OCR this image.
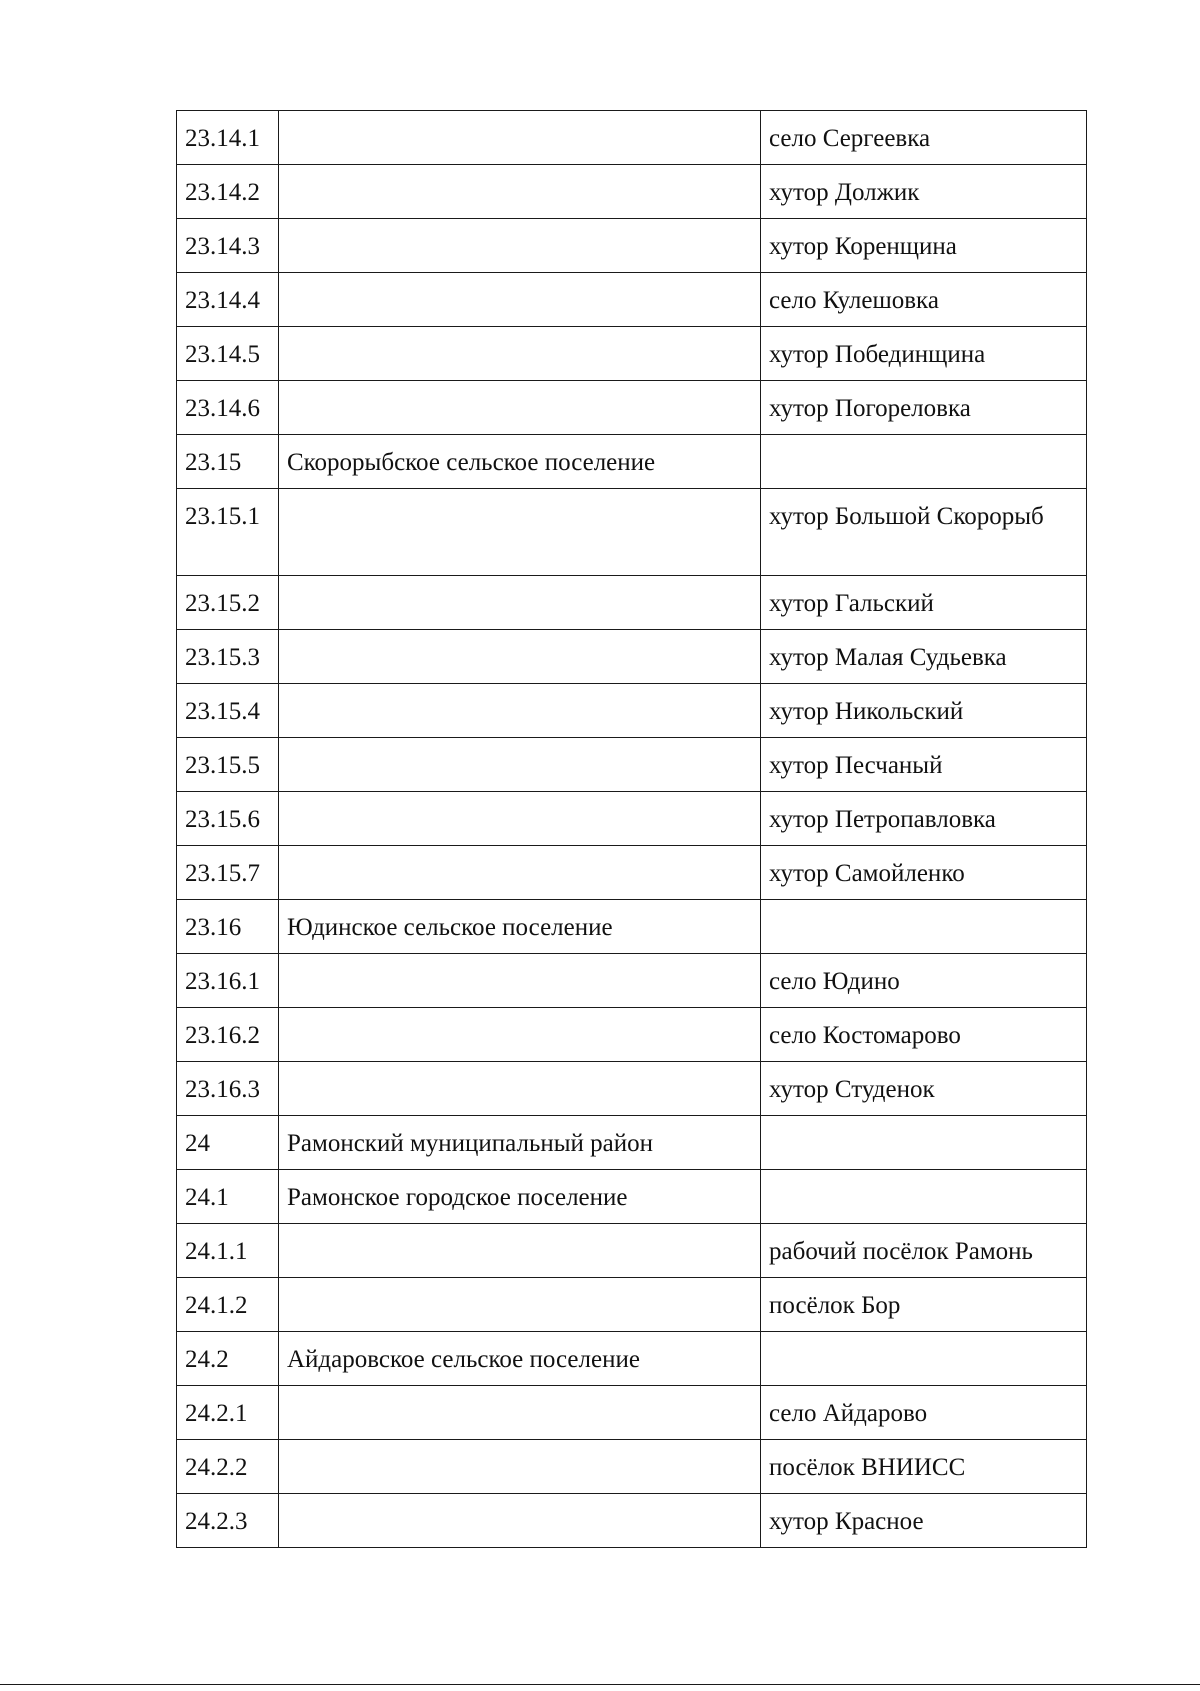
23.14.1		село Сергеевка
23.14.2		хутор Должик
23.14.3		хутор Коренщина
23.14.4		село Кулешовка
23.14.5		хутор Побединщина
23.14.6		хутор Погореловка
23.15	Скорорыбское сельское поселение	
23.15.1		хутор Большой Скорорыб
23.15.2		хутор Гальский
23.15.3		хутор Малая Судьевка
23.15.4		хутор Никольский
23.15.5		хутор Песчаный
23.15.6		хутор Петропавловка
23.15.7		хутор Самойленко
23.16	Юдинское сельское поселение	
23.16.1		село Юдино
23.16.2		село Костомарово
23.16.3		хутор Студенок
24	Рамонский муниципальный район	
24.1	Рамонское городское поселение	
24.1.1		рабочий посёлок Рамонь
24.1.2		посёлок Бор
24.2	Айдаровское сельское поселение	
24.2.1		село Айдарово
24.2.2		посёлок ВНИИСС
24.2.3		хутор Красное
